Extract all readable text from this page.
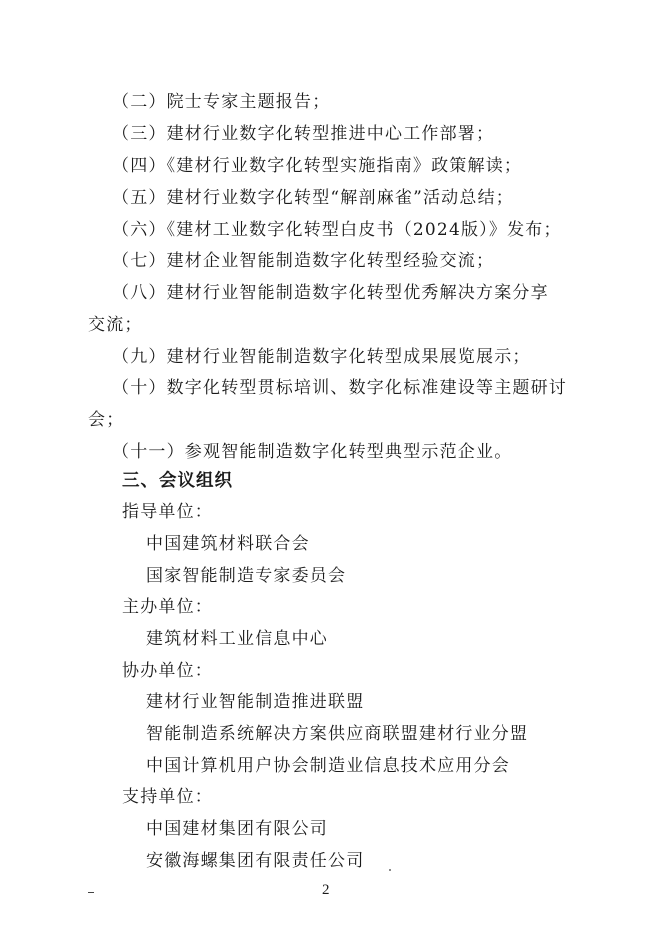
（二）院士专家主题报告；
（三）建材行业数字化转型推进中心工作部署；
（四）《建材行业数字化转型实施指南》政策解读；
（五）建材行业数字化转型“解剖麻雀”活动总结；
（六）《建材工业数字化转型白皮书（2024版）》发布；
（七）建材企业智能制造数字化转型经验交流；
（八）建材行业智能制造数字化转型优秀解决方案分享
交流；
（九）建材行业智能制造数字化转型成果展览展示；
（十）数字化转型贯标培训、数字化标准建设等主题研讨
会；
（十一）参观智能制造数字化转型典型示范企业。
三、会议组织
指导单位：
中国建筑材料联合会
国家智能制造专家委员会
主办单位：
建筑材料工业信息中心
协办单位：
建材行业智能制造推进联盟
智能制造系统解决方案供应商联盟建材行业分盟
中国计算机用户协会制造业信息技术应用分会
支持单位：
中国建材集团有限公司
安徽海螺集团有限责任公司
2
